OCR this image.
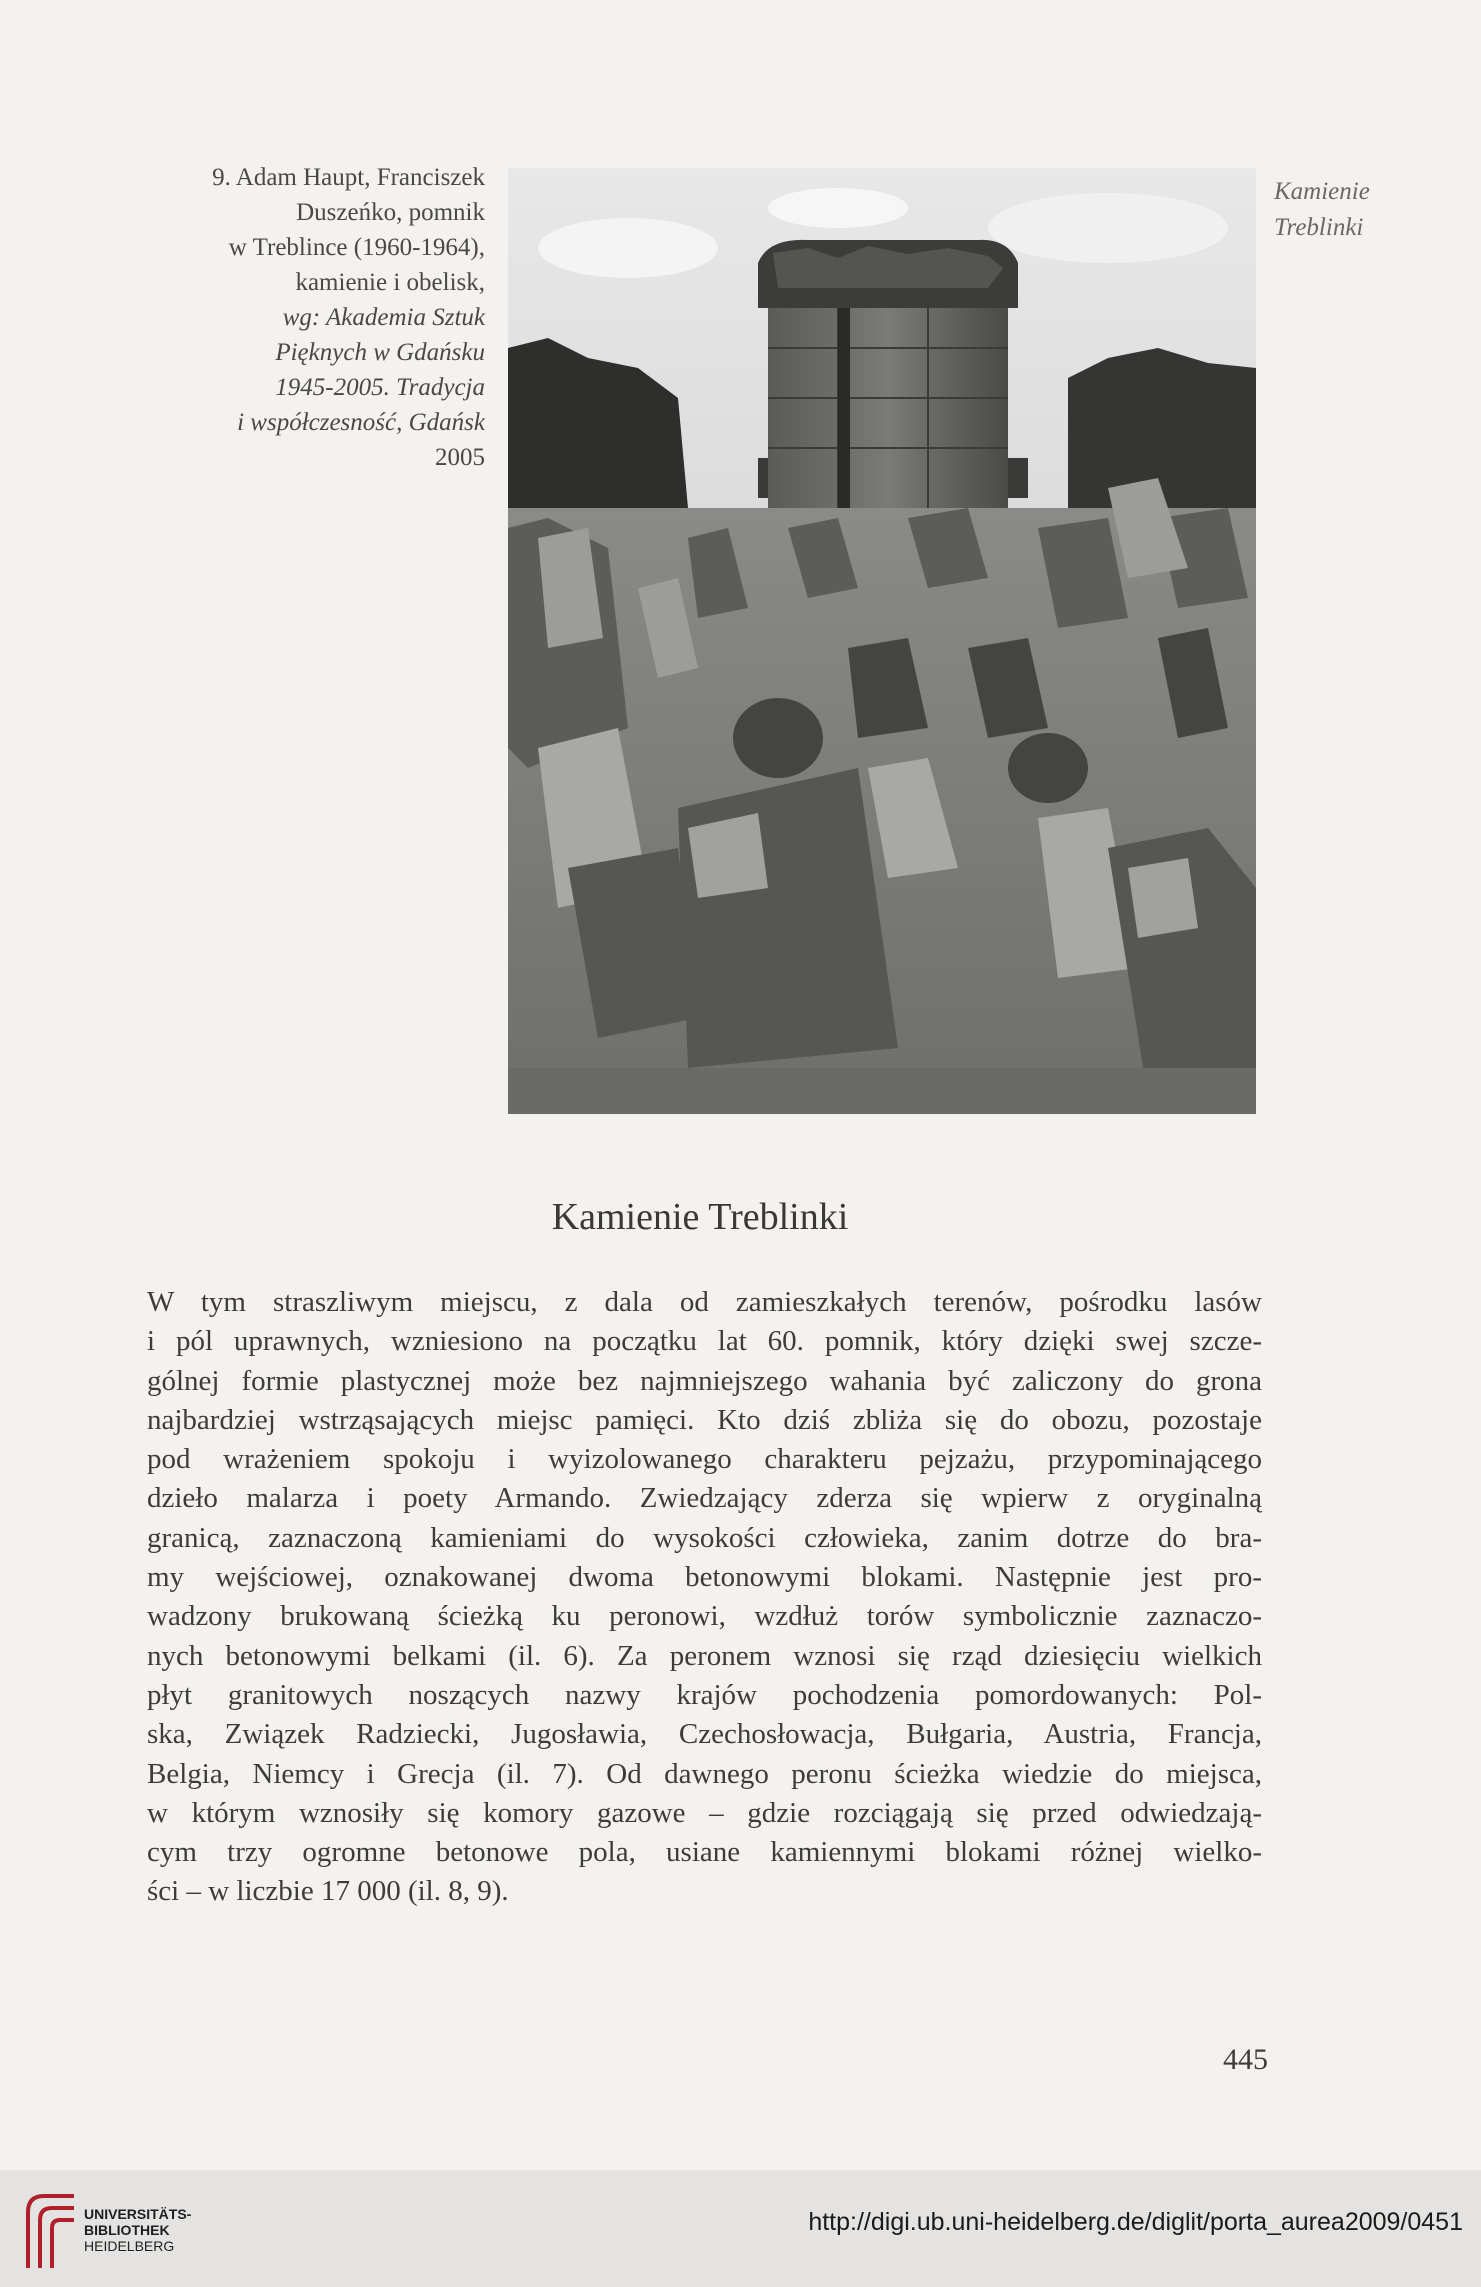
9. Adam Haupt, Franciszek
Duszeńko, pomnik
w Treblince (1960-1964),
kamienie i obelisk,
wg: Akademia Sztuk
Pięknych w Gdańsku
1945-2005. Tradycja
i współczesność, Gdańsk
2005
Kamienie
Treblinki
Kamienie Treblinki
W tym straszliwym miejscu, z dala od zamieszkałych terenów, pośrodku lasów
i pól uprawnych, wzniesiono na początku lat 60. pomnik, który dzięki swej szcze-
gólnej formie plastycznej może bez najmniejszego wahania być zaliczony do grona
najbardziej wstrząsających miejsc pamięci. Kto dziś zbliża się do obozu, pozostaje
pod wrażeniem spokoju i wyizolowanego charakteru pejzażu, przypominającego
dzieło malarza i poety Armando. Zwiedzający zderza się wpierw z oryginalną
granicą, zaznaczoną kamieniami do wysokości człowieka, zanim dotrze do bra-
my wejściowej, oznakowanej dwoma betonowymi blokami. Następnie jest pro-
wadzony brukowaną ścieżką ku peronowi, wzdłuż torów symbolicznie zaznaczo-
nych betonowymi belkami (il. 6). Za peronem wznosi się rząd dziesięciu wielkich
płyt granitowych noszących nazwy krajów pochodzenia pomordowanych: Pol-
ska, Związek Radziecki, Jugosławia, Czechosłowacja, Bułgaria, Austria, Francja,
Belgia, Niemcy i Grecja (il. 7). Od dawnego peronu ścieżka wiedzie do miejsca,
w którym wznosiły się komory gazowe – gdzie rozciągają się przed odwiedzają-
cym trzy ogromne betonowe pola, usiane kamiennymi blokami różnej wielko-
ści – w liczbie 17 000 (il. 8, 9).
445
UNIVERSITÄTS-
BIBLIOTHEK
HEIDELBERG
http://digi.ub.uni-heidelberg.de/diglit/porta_aurea2009/0451
